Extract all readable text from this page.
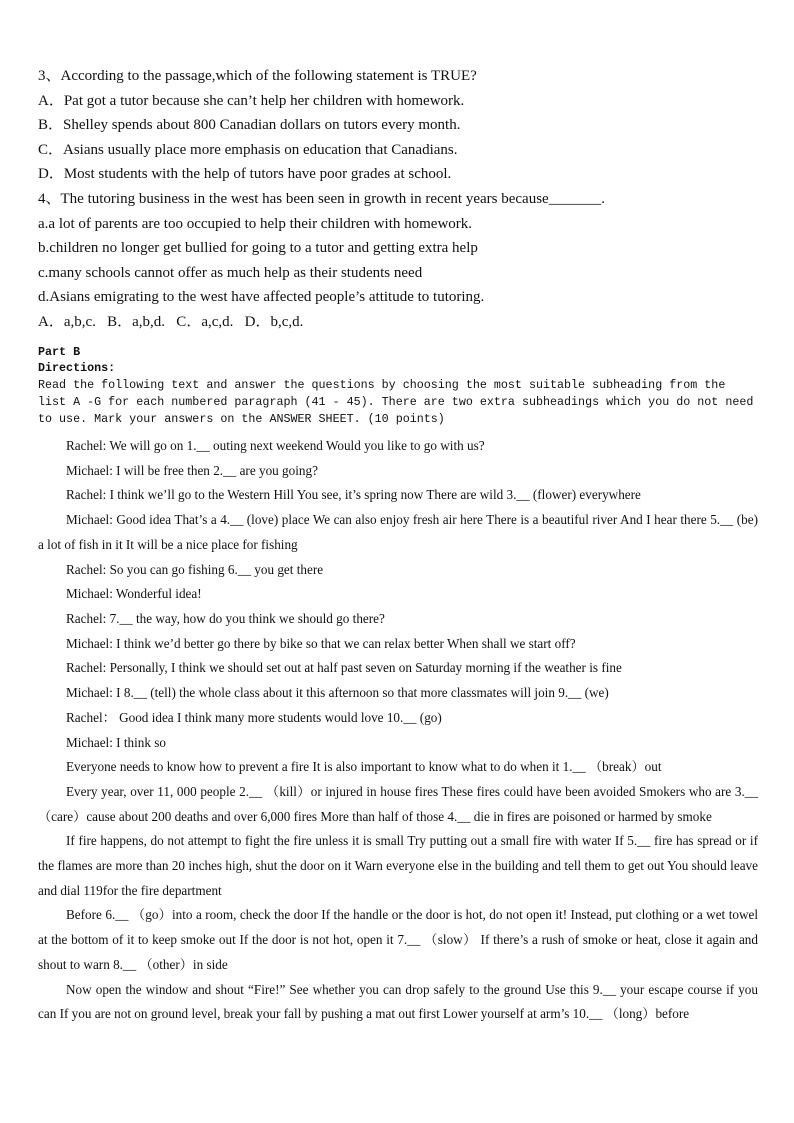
3、According to the passage,which of the following statement is TRUE?

A．Pat got a tutor because she can’t help her children with homework.

B．Shelley spends about 800 Canadian dollars on tutors every month.

C．Asians usually place more emphasis on education that Canadians.

D．Most students with the help of tutors have poor grades at school.

4、The tutoring business in the west has been seen in growth in recent years because_______.

a.a lot of parents are too occupied to help their children with homework.

b.children no longer get bullied for going to a tutor and getting extra help

c.many schools cannot offer as much help as their students need

d.Asians emigrating to the west have affected people’s attitude to tutoring.

A．a,b,c.   B．a,b,d.   C．a,c,d.   D．b,c,d.

Part B

Directions:

Read the following text and answer the questions by choosing the most suitable subheading from the

list A -G for each numbered paragraph (41 - 45). There are two extra subheadings which you do not need

to use. Mark your answers on the ANSWER SHEET. (10 points)

Rachel: We will go on 1.__ outing next weekend Would you like to go with us?

Michael: I will be free then 2.__ are you going?

Rachel: I think we’ll go to the Western Hill You see, it’s spring now There are wild 3.__ (flower) everywhere

Michael: Good idea That’s a 4.__ (love) place We can also enjoy fresh air here There is a beautiful river And I hear there 5.__ (be) a lot of fish in it It will be a nice place for fishing

Rachel: So you can go fishing 6.__ you get there

Michael: Wonderful idea!

Rachel: 7.__ the way, how do you think we should go there?

Michael: I think we’d better go there by bike so that we can relax better When shall we start off?

Rachel: Personally, I think we should set out at half past seven on Saturday morning if the weather is fine

Michael: I 8.__ (tell) the whole class about it this afternoon so that more classmates will join 9.__ (we)

Rachel： Good idea I think many more students would love 10.__ (go)

Michael: I think so

Everyone needs to know how to prevent a fire It is also important to know what to do when it 1.__ （break）out

Every year, over 11, 000 people 2.__ （kill）or injured in house fires These fires could have been avoided Smokers who are 3.__ （care）cause about 200 deaths and over 6,000 fires More than half of those 4.__ die in fires are poisoned or harmed by smoke

If fire happens, do not attempt to fight the fire unless it is small Try putting out a small fire with water If 5.__ fire has spread or if the flames are more than 20 inches high, shut the door on it Warn everyone else in the building and tell them to get out You should leave and dial 119for the fire department

Before 6.__ （go）into a room, check the door If the handle or the door is hot, do not open it! Instead, put clothing or a wet towel at the bottom of it to keep smoke out If the door is not hot, open it 7.__ （slow） If there’s a rush of smoke or heat, close it again and shout to warn 8.__ （other）in side

Now open the window and shout “Fire!” See whether you can drop safely to the ground Use this 9.__ your escape course if you can If you are not on ground level, break your fall by pushing a mat out first Lower yourself at arm’s 10.__ （long）before
